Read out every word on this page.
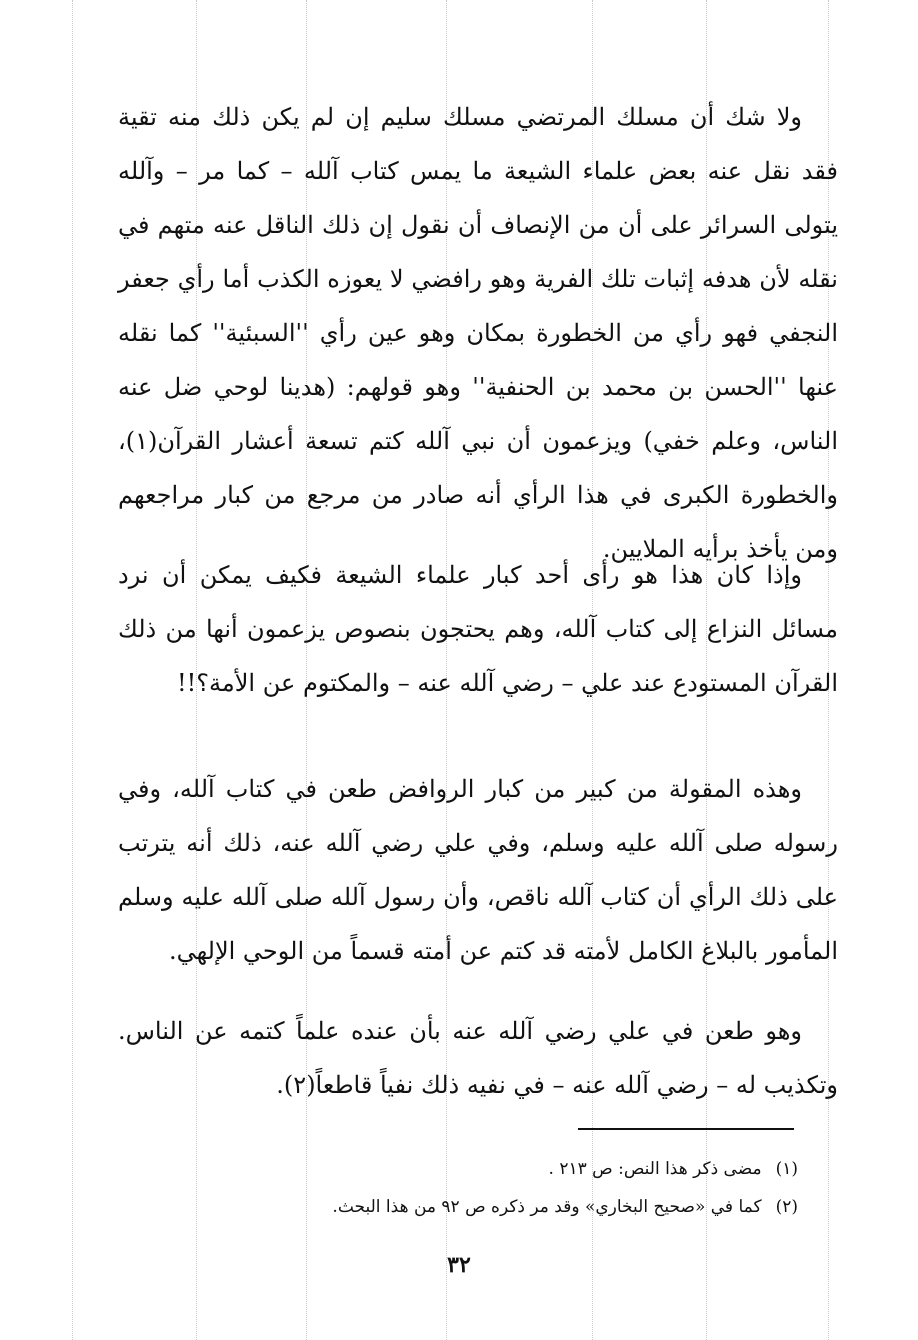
ولا شك أن مسلك المرتضي مسلك سليم إن لم يكن ذلك منه تقية فقد نقل عنه بعض علماء الشيعة ما يمس كتاب آلله – كما مر – وآلله يتولى السرائر على أن من الإنصاف أن نقول إن ذلك الناقل عنه متهم في نقله لأن هدفه إثبات تلك الفرية وهو رافضي لا يعوزه الكذب أما رأي جعفر النجفي فهو رأي من الخطورة بمكان وهو عين رأي ''السبئية'' كما نقله عنها ''الحسن بن محمد بن الحنفية'' وهو قولهم: (هدينا لوحي ضل عنه الناس، وعلم خفي) ويزعمون أن نبي آلله كتم تسعة أعشار القرآن(١)، والخطورة الكبرى في هذا الرأي أنه صادر من مرجع من كبار مراجعهم ومن يأخذ برأيه الملايين.

وإذا كان هذا هو رأى أحد كبار علماء الشيعة فكيف يمكن أن نرد مسائل النزاع إلى كتاب آلله، وهم يحتجون بنصوص يزعمون أنها من ذلك القرآن المستودع عند علي – رضي آلله عنه – والمكتوم عن الأمة؟!!

وهذه المقولة من كبير من كبار الروافض طعن في كتاب آلله، وفي رسوله صلى آلله عليه وسلم، وفي علي رضي آلله عنه، ذلك أنه يترتب على ذلك الرأي أن كتاب آلله ناقص، وأن رسول آلله صلى آلله عليه وسلم المأمور بالبلاغ الكامل لأمته قد كتم عن أمته قسماً من الوحي الإلهي.

وهو طعن في علي رضي آلله عنه بأن عنده علماً كتمه عن الناس. وتكذيب له – رضي آلله عنه – في نفيه ذلك نفياً قاطعاً(٢).

(١)مضى ذكر هذا النص: ص ٢١٣ .

(٢)كما في «صحيح البخاري» وقد مر ذكره ص ٩٢ من هذا البحث.

٣٢
